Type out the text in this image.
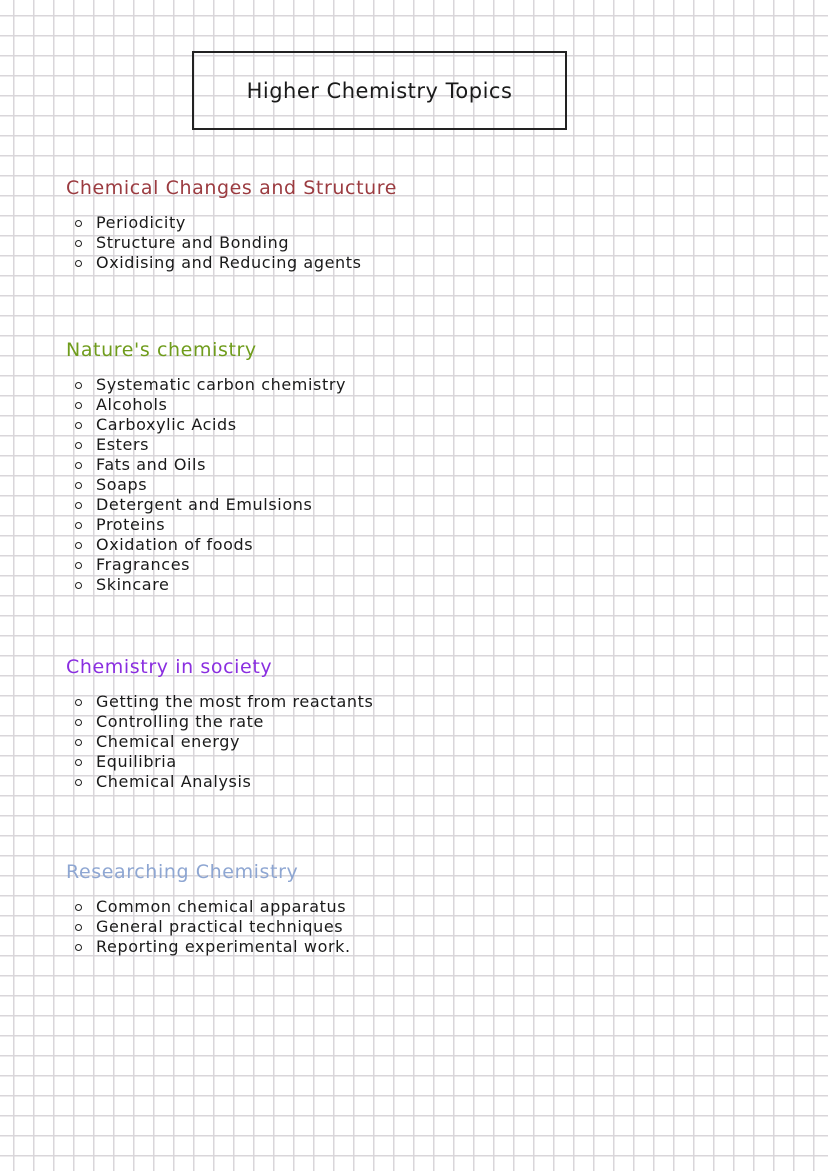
Higher Chemistry Topics
Chemical Changes and Structure
Periodicity
Structure and Bonding
Oxidising and Reducing agents
Nature's chemistry
Systematic carbon chemistry
Alcohols
Carboxylic Acids
Esters
Fats and Oils
Soaps
Detergent and Emulsions
Proteins
Oxidation of foods
Fragrances
Skincare
Chemistry in society
Getting the most from reactants
Controlling the rate
Chemical energy
Equilibria
Chemical Analysis
Researching Chemistry
Common chemical apparatus
General practical techniques
Reporting experimental work.
